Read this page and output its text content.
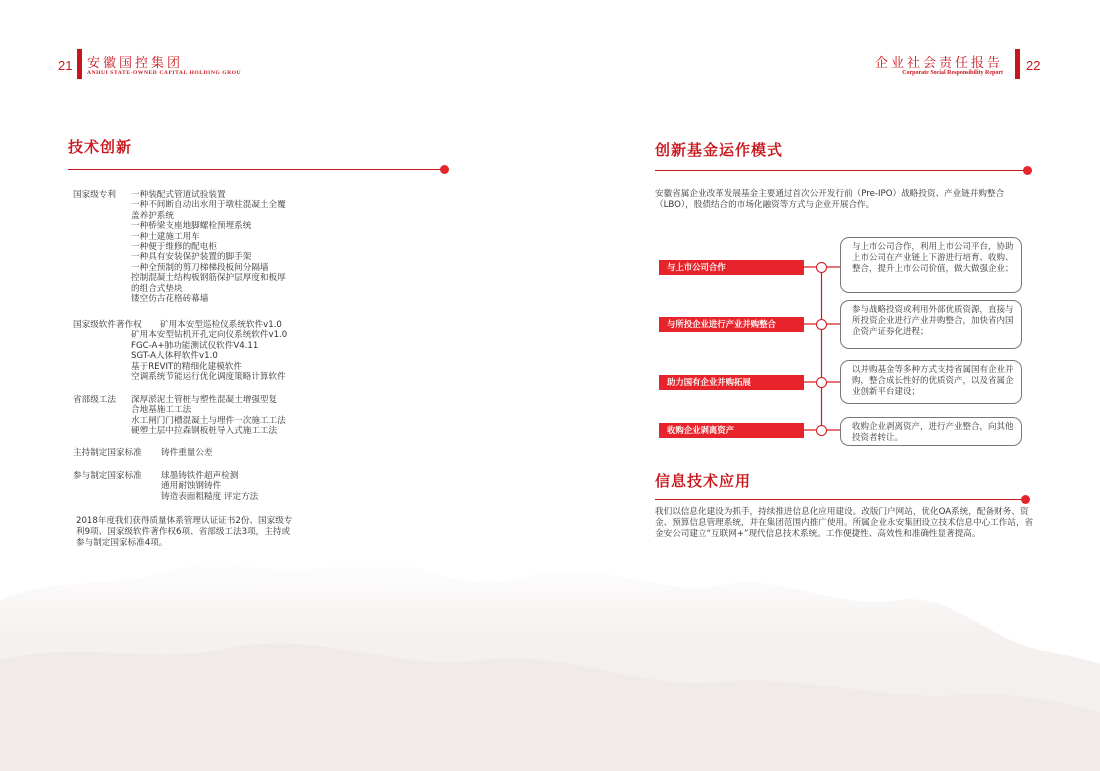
21 安徽国控集团
ANHUI STATE-OWNED CAPITAL HOLDING GROU
企业社会责任报告
Corporate Social Responsibility Report 22
技术创新
国家级专利 一种装配式管道试验装置
一种不间断自动出水用于墩柱混凝土全覆
盖养护系统
一种桥梁支座地脚螺栓预埋系统
一种土建施工用车
一种便于维修的配电柜
一种具有安装保护装置的脚手架
一种全预制的剪刀梯梯段板间分隔墙
控制混凝土结构板钢筋保护层厚度和板厚
的组合式垫块
镂空仿古花格砖幕墙
国家级软件著作权 矿用本安型巡检仪系统软件v1.0
矿用本安型钻机开孔定向仪系统软件v1.0
FGC-A+肺功能测试仪软件V4.11
SGT-A人体秤软件v1.0
基于REVIT的精细化建模软件
空调系统节能运行优化调度策略计算软件
省部级工法 深厚淤泥土管桩与塑性混凝土增强型复
合地基施工工法
水工闸门门槽混凝土与埋件一次施工工法
硬塑土层中拉森钢板桩导入式施工工法
主持制定国家标准 铸件重量公差
参与制定国家标准 球墨铸铁件超声检测
通用耐蚀钢铸件
铸造表面粗糙度 评定方法
2018年度我们获得质量体系管理认证证书2份、国家级专利9项、国家级软件著作权6项、省部级工法3项，主持或参与制定国家标准4项。
创新基金运作模式
安徽省属企业改革发展基金主要通过首次公开发行前（Pre-IPO）战略投资、产业链并购整合（LBO），股债结合的市场化融资等方式与企业开展合作。
与上市公司合作
与所投企业进行产业并购整合
助力国有企业并购拓展
收购企业剥离资产
与上市公司合作，利用上市公司平台，协助上市公司在产业链上下游进行培育、收购、整合，提升上市公司价值，做大做强企业；
参与战略投资或利用外部优质资源，直接与所投资企业进行产业并购整合，加快省内国企资产证券化进程；
以并购基金等多种方式支持省属国有企业并购，整合成长性好的优质资产，以及省属企业创新平台建设；
收购企业剥离资产，进行产业整合，向其他投资者转让。
信息技术应用
我们以信息化建设为抓手，持续推进信息化应用建设。改版门户网站，优化OA系统，配备财务、资金、预算信息管理系统，并在集团范围内推广使用。所属企业永安集团设立技术信息中心工作站，省金安公司建立“互联网+”现代信息技术系统。工作便捷性、高效性和准确性显著提高。
